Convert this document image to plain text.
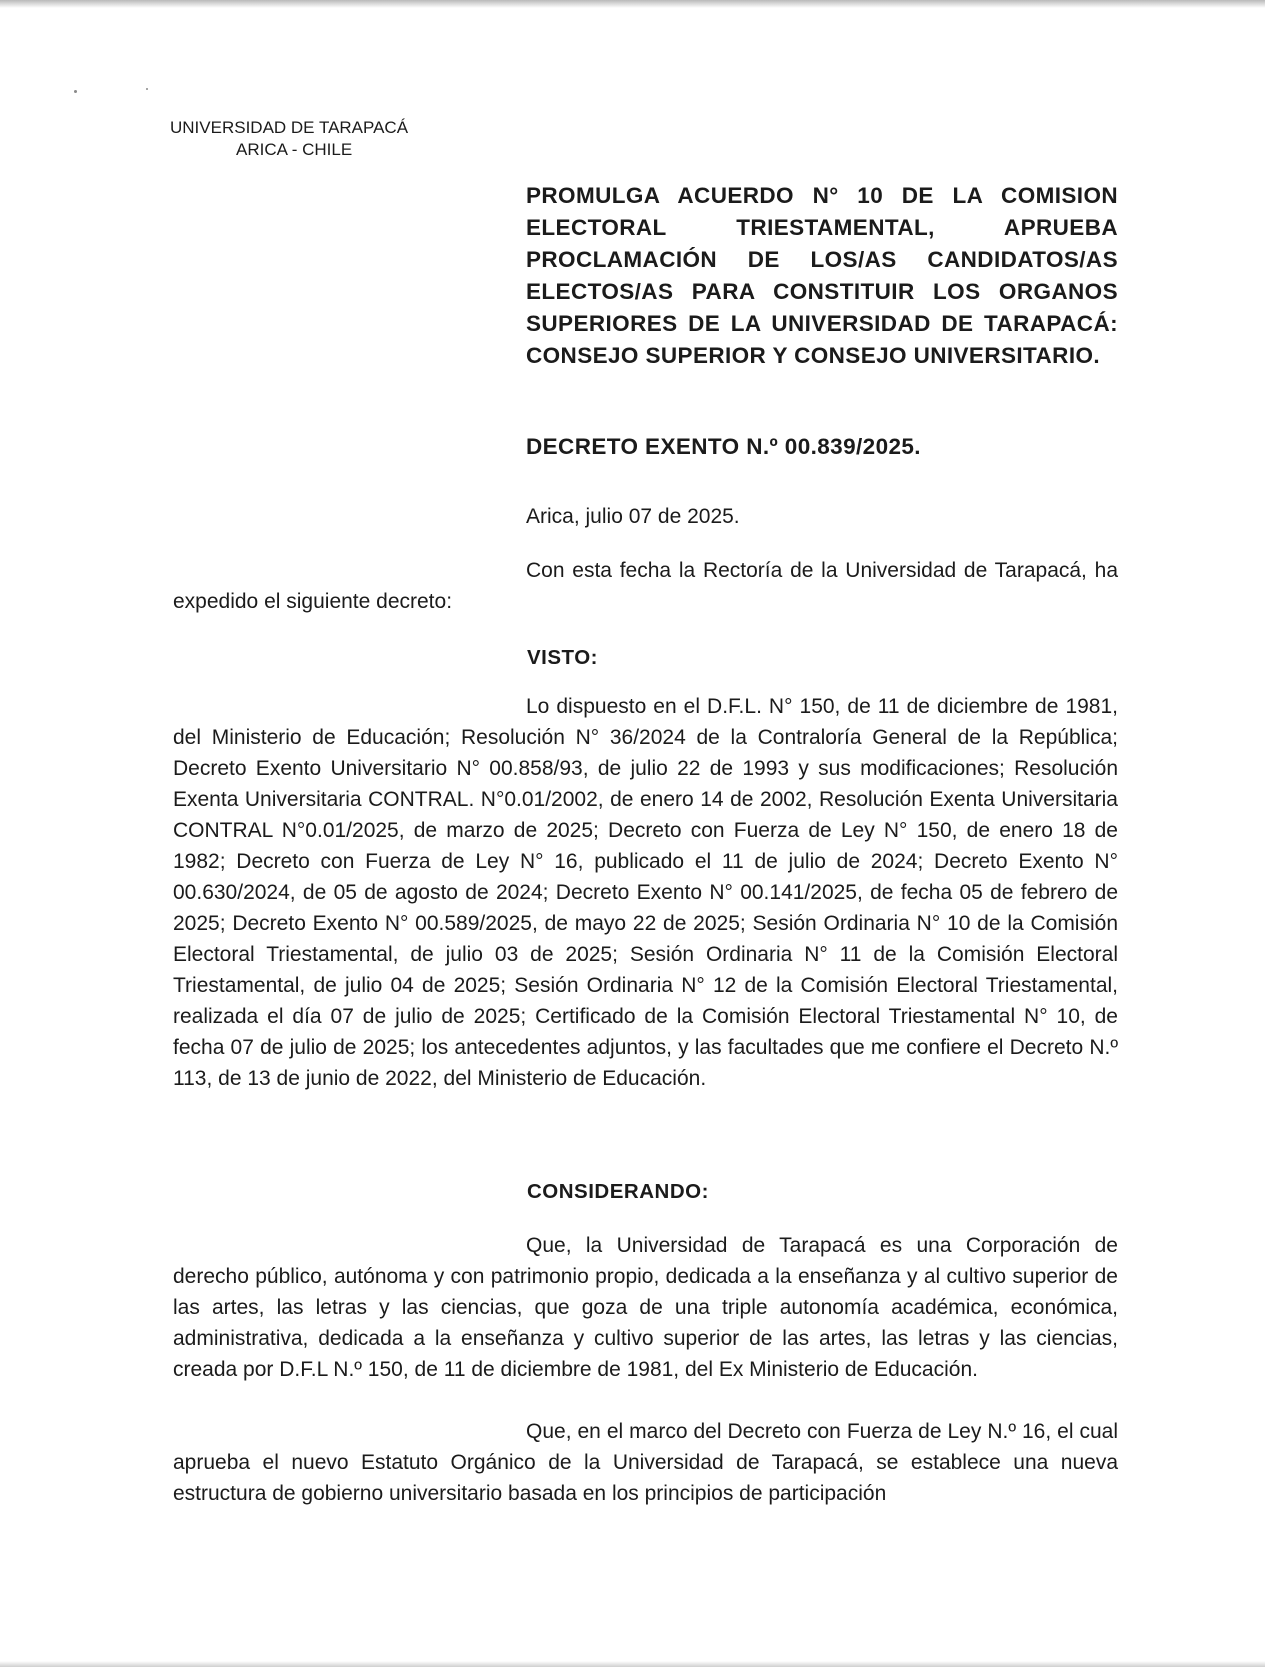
UNIVERSIDAD DE TARAPACÁ
ARICA - CHILE
PROMULGA ACUERDO N° 10 DE LA COMISION ELECTORAL TRIESTAMENTAL, APRUEBA PROCLAMACIÓN DE LOS/AS CANDIDATOS/AS ELECTOS/AS PARA CONSTITUIR LOS ORGANOS SUPERIORES DE LA UNIVERSIDAD DE TARAPACÁ: CONSEJO SUPERIOR Y CONSEJO UNIVERSITARIO.
DECRETO EXENTO N.º 00.839/2025.
Arica, julio 07 de 2025.
Con esta fecha la Rectoría de la Universidad de Tarapacá, ha expedido el siguiente decreto:
VISTO:
Lo dispuesto en el D.F.L. N° 150, de 11 de diciembre de 1981, del Ministerio de Educación; Resolución N° 36/2024 de la Contraloría General de la República; Decreto Exento Universitario N° 00.858/93, de julio 22 de 1993 y sus modificaciones; Resolución Exenta Universitaria CONTRAL. N°0.01/2002, de enero 14 de 2002, Resolución Exenta Universitaria CONTRAL N°0.01/2025, de marzo de 2025; Decreto con Fuerza de Ley N° 150, de enero 18 de 1982; Decreto con Fuerza de Ley N° 16, publicado el 11 de julio de 2024; Decreto Exento N° 00.630/2024, de 05 de agosto de 2024; Decreto Exento N° 00.141/2025, de fecha 05 de febrero de 2025; Decreto Exento N° 00.589/2025, de mayo 22 de 2025; Sesión Ordinaria N° 10 de la Comisión Electoral Triestamental, de julio 03 de 2025; Sesión Ordinaria N° 11 de la Comisión Electoral Triestamental, de julio 04 de 2025; Sesión Ordinaria N° 12 de la Comisión Electoral Triestamental, realizada el día 07 de julio de 2025; Certificado de la Comisión Electoral Triestamental N° 10, de fecha 07 de julio de 2025; los antecedentes adjuntos, y las facultades que me confiere el Decreto N.º 113, de 13 de junio de 2022, del Ministerio de Educación.
CONSIDERANDO:
Que, la Universidad de Tarapacá es una Corporación de derecho público, autónoma y con patrimonio propio, dedicada a la enseñanza y al cultivo superior de las artes, las letras y las ciencias, que goza de una triple autonomía académica, económica, administrativa, dedicada a la enseñanza y cultivo superior de las artes, las letras y las ciencias, creada por D.F.L N.º 150, de 11 de diciembre de 1981, del Ex Ministerio de Educación.
Que, en el marco del Decreto con Fuerza de Ley N.º 16, el cual aprueba el nuevo Estatuto Orgánico de la Universidad de Tarapacá, se establece una nueva estructura de gobierno universitario basada en los principios de participación
